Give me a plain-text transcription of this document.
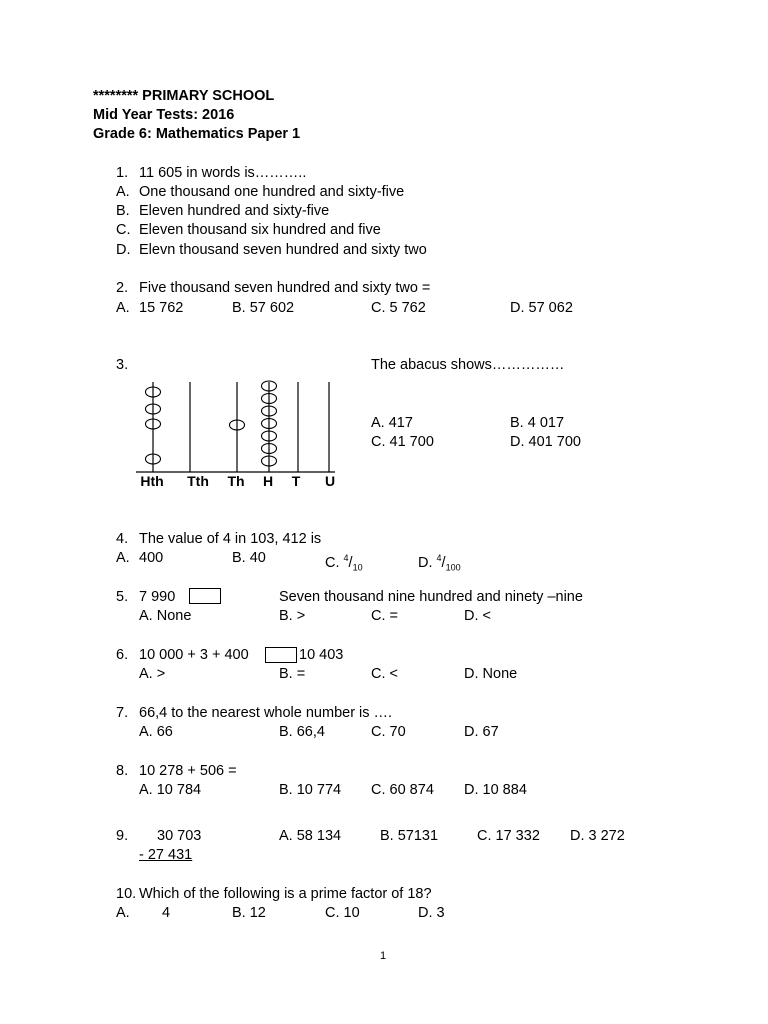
******** PRIMARY SCHOOL
Mid Year Tests: 2016
Grade 6: Mathematics Paper 1
1. 11 605 in words is………..
A. One thousand one hundred and sixty-five
B. Eleven hundred and sixty-five
C. Eleven thousand six hundred and five
D. Elevn thousand seven hundred and sixty two
2. Five thousand seven hundred and sixty two =
A. 15 762	B. 57 602	C. 5 762	D. 57 062
3.	The abacus shows……………
A. 417	B. 4 017
C. 41 700	D. 401 700
Hth Tth Th H T U
4. The value of 4 in 103, 412 is
A. 400	B. 40	C. $^4/_{10}$	D. $^4/_{100}$
5. 7 990	Seven thousand nine hundred and ninety –nine
A. None	B. >	C. =	D. <
6. 10 000 + 3 + 400	10 403
A. >	B. =	C. <	D. None
7. 66,4 to the nearest whole number is ….
A. 66	B. 66,4	C. 70	D. 67
8. 10 278 + 506 =
A. 10 784	B. 10 774 C. 60 874 D. 10 884
9. 30 703
- 27 431
A. 58 134	B. 57131	C. 17 332 D. 3 272
10. Which of the following is a prime factor of 18?
A. 4	B. 12	C. 10	D. 3
1
